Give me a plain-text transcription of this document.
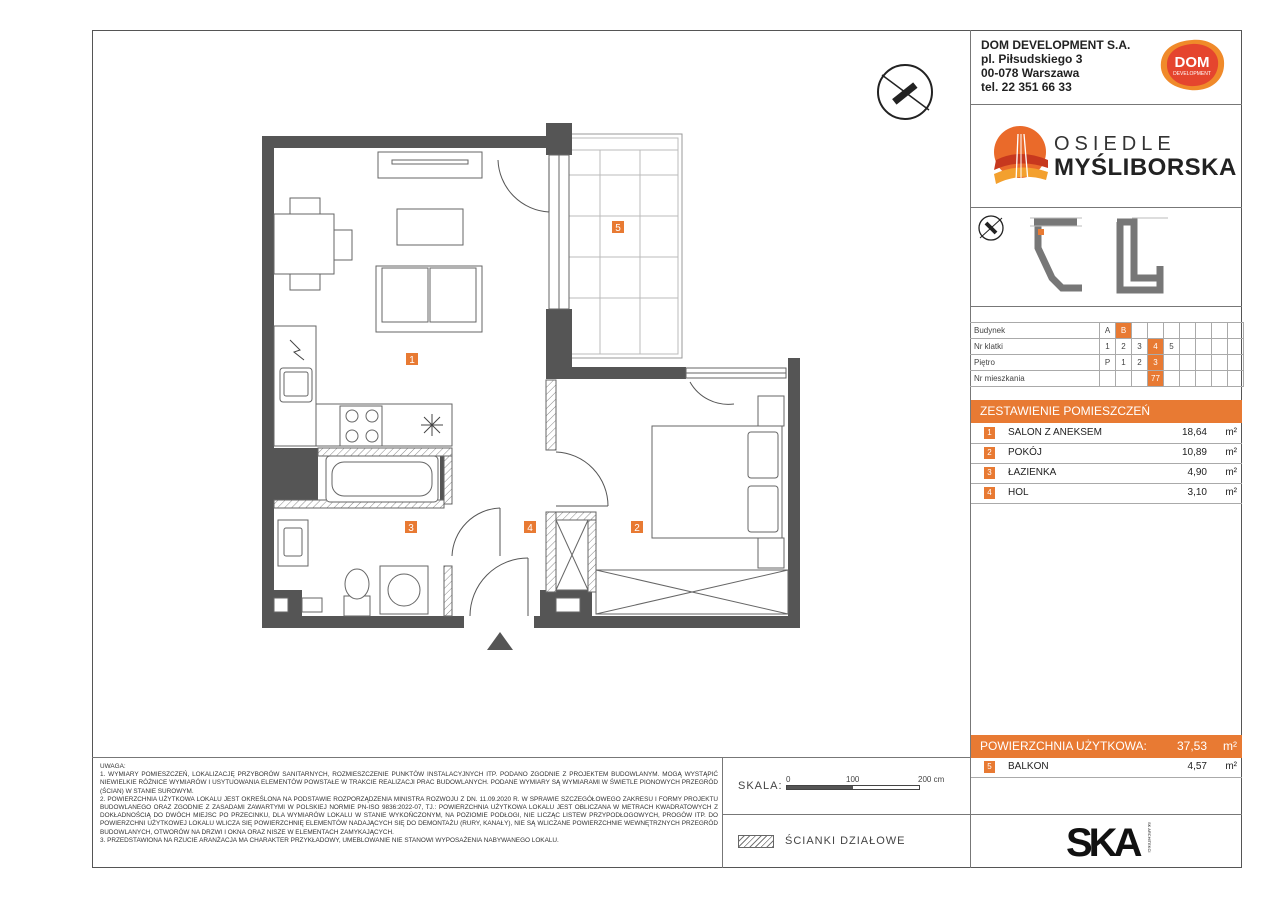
DOM DEVELOPMENT S.A.
pl. Piłsudskiego 3
00-078 Warszawa
tel. 22 351 66 33
DOM
DEVELOPMENT
OSIEDLE
MYŚLIBORSKA
Budynek	A	B							
Nr klatki	1	2	3	4	5				
Piętro	P	1	2	3					
Nr mieszkania				77					
ZESTAWIENIE POMIESZCZEŃ
1	SALON Z ANEKSEM	18,64 m²
2	POKÓJ	10,89 m²
3	ŁAZIENKA	4,90 m²
4	HOL	3,10 m²
POWIERZCHNIA UŻYTKOWA:	37,53 m²
5	BALKON	4,57 m²

UWAGA:

1. WYMIARY POMIESZCZEŃ, LOKALIZACJĘ PRZYBORÓW SANITARNYCH, ROZMIESZCZENIE PUNKTÓW INSTALACYJNYCH ITP. PODANO ZGODNIE Z PROJEKTEM BUDOWLANYM. MOGĄ WYSTĄPIĆ NIEWIELKIE RÓŻNICE WYMIARÓW I USYTUOWANIA ELEMENTÓW POWSTAŁE W TRAKCIE REALIZACJI PRAC BUDOWLANYCH. PODANE WYMIARY SĄ WYMIARAMI W ŚWIETLE PIONOWYCH PRZEGRÓD (ŚCIAN) W STANIE SUROWYM.

2. POWIERZCHNIA UŻYTKOWA LOKALU JEST OKREŚLONA NA PODSTAWIE ROZPORZĄDZENIA MINISTRA ROZWOJU Z DN. 11.09.2020 R. W SPRAWIE SZCZEGÓŁOWEGO ZAKRESU I FORMY PROJEKTU BUDOWLANEGO ORAZ ZGODNIE Z ZASADAMI ZAWARTYMI W POLSKIEJ NORMIE PN-ISO 9836:2022-07, TJ.: POWIERZCHNIA UŻYTKOWA LOKALU JEST OBLICZANA W METRACH KWADRATOWYCH Z DOKŁADNOŚCIĄ DO DWÓCH MIEJSC PO PRZECINKU, DLA WYMIARÓW LOKALU W STANIE WYKOŃCZONYM, NA POZIOMIE PODŁOGI, NIE LICZĄC LISTEW PRZYPODŁOGOWYCH, PROGÓW ITP. DO POWIERZCHNI UŻYTKOWEJ LOKALU WLICZA SIĘ POWIERZCHNIĘ ELEMENTÓW NADAJĄCYCH SIĘ DO DEMONTAŻU (RURY, KANAŁY), NIE SĄ WLICZANE POWIERZCHNIE WEWNĘTRZNYCH PRZEGRÓD BUDOWLANYCH, OTWORÓW NA DRZWI I OKNA ORAZ NISZE W ELEMENTACH ZAMYKAJĄCYCH.

3. PRZEDSTAWIONA NA RZUCIE ARANŻACJA MA CHARAKTER PRZYKŁADOWY, UMEBLOWANIE NIE STANOWI WYPOSAŻENIA NABYWANEGO LOKALU.

SKALA:
0	100	200 cm
ŚCIANKI DZIAŁOWE	SKA	SK ARCHITEKCI
1
2
3	4
5
